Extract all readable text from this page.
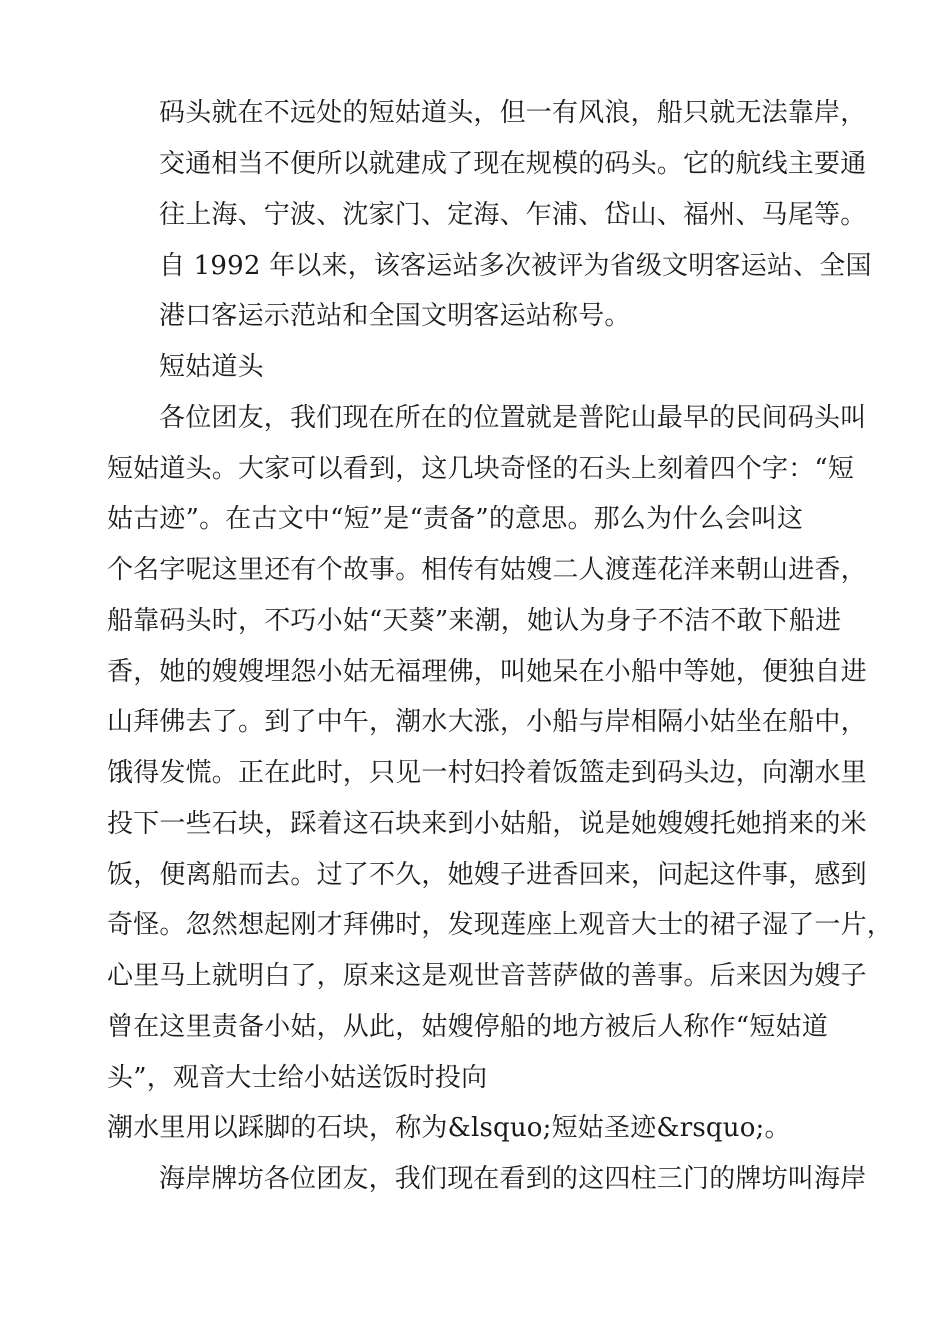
码头就在不远处的短姑道头，但一有风浪，船只就无法靠岸，
交通相当不便所以就建成了现在规模的码头。它的航线主要通
往上海、宁波、沈家门、定海、乍浦、岱山、福州、马尾等。
自 1992 年以来，该客运站多次被评为省级文明客运站、全国
港口客运示范站和全国文明客运站称号。
短姑道头
各位团友，我们现在所在的位置就是普陀山最早的民间码头叫
短姑道头。大家可以看到，这几块奇怪的石头上刻着四个字：“短
姑古迹”。在古文中“短”是“责备”的意思。那么为什么会叫这
个名字呢这里还有个故事。相传有姑嫂二人渡莲花洋来朝山进香，
船靠码头时，不巧小姑“天葵”来潮，她认为身子不洁不敢下船进
香，她的嫂嫂埋怨小姑无福理佛，叫她呆在小船中等她，便独自进
山拜佛去了。到了中午，潮水大涨，小船与岸相隔小姑坐在船中，
饿得发慌。正在此时，只见一村妇拎着饭篮走到码头边，向潮水里
投下一些石块，踩着这石块来到小姑船，说是她嫂嫂托她捎来的米
饭，便离船而去。过了不久，她嫂子进香回来，问起这件事，感到
奇怪。忽然想起刚才拜佛时，发现莲座上观音大士的裙子湿了一片，
心里马上就明白了，原来这是观世音菩萨做的善事。后来因为嫂子
曾在这里责备小姑，从此，姑嫂停船的地方被后人称作“短姑道
头”，观音大士给小姑送饭时投向
潮水里用以踩脚的石块，称为&lsquo;短姑圣迹&rsquo;。
海岸牌坊各位团友，我们现在看到的这四柱三门的牌坊叫海岸
